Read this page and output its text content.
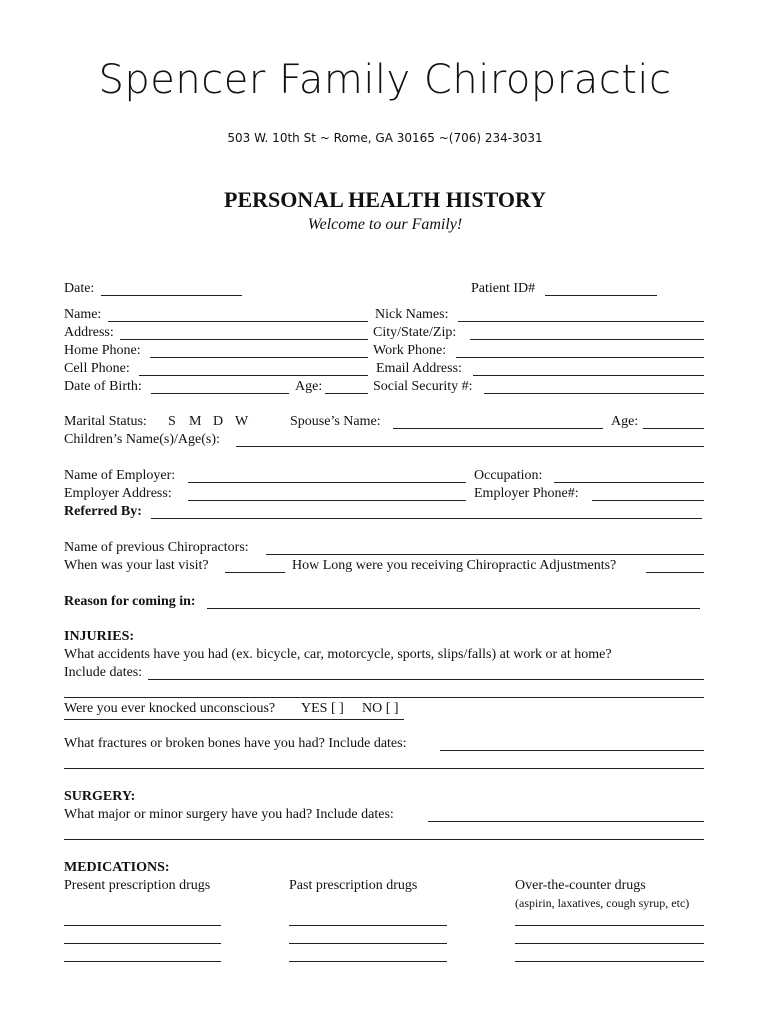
Spencer Family Chiropractic
503 W. 10th St ~ Rome, GA 30165 ~(706) 234-3031
PERSONAL HEALTH HISTORY
Welcome to our Family!
Date:	Patient ID#
Name:	Nick Names:
Address:	City/State/Zip:
Home Phone:	Work Phone:
Cell Phone:	Email Address:
Date of Birth:	Age:	Social Security #:
Marital Status: S M D W	Spouse’s Name:	Age:
Children’s Name(s)/Age(s):
Name of Employer:	Occupation:
Employer Address:	Employer Phone#:
Referred By:
Name of previous Chiropractors:
When was your last visit?	How Long were you receiving Chiropractic Adjustments?
Reason for coming in:
INJURIES:
What accidents have you had (ex. bicycle, car, motorcycle, sports, slips/falls) at work or at home?
Include dates:
Were you ever knocked unconscious? YES [ ] NO [ ]
What fractures or broken bones have you had? Include dates:
SURGERY:
What major or minor surgery have you had? Include dates:
MEDICATIONS:
Present prescription drugs	Past prescription drugs	Over-the-counter drugs
(aspirin, laxatives, cough syrup, etc)
